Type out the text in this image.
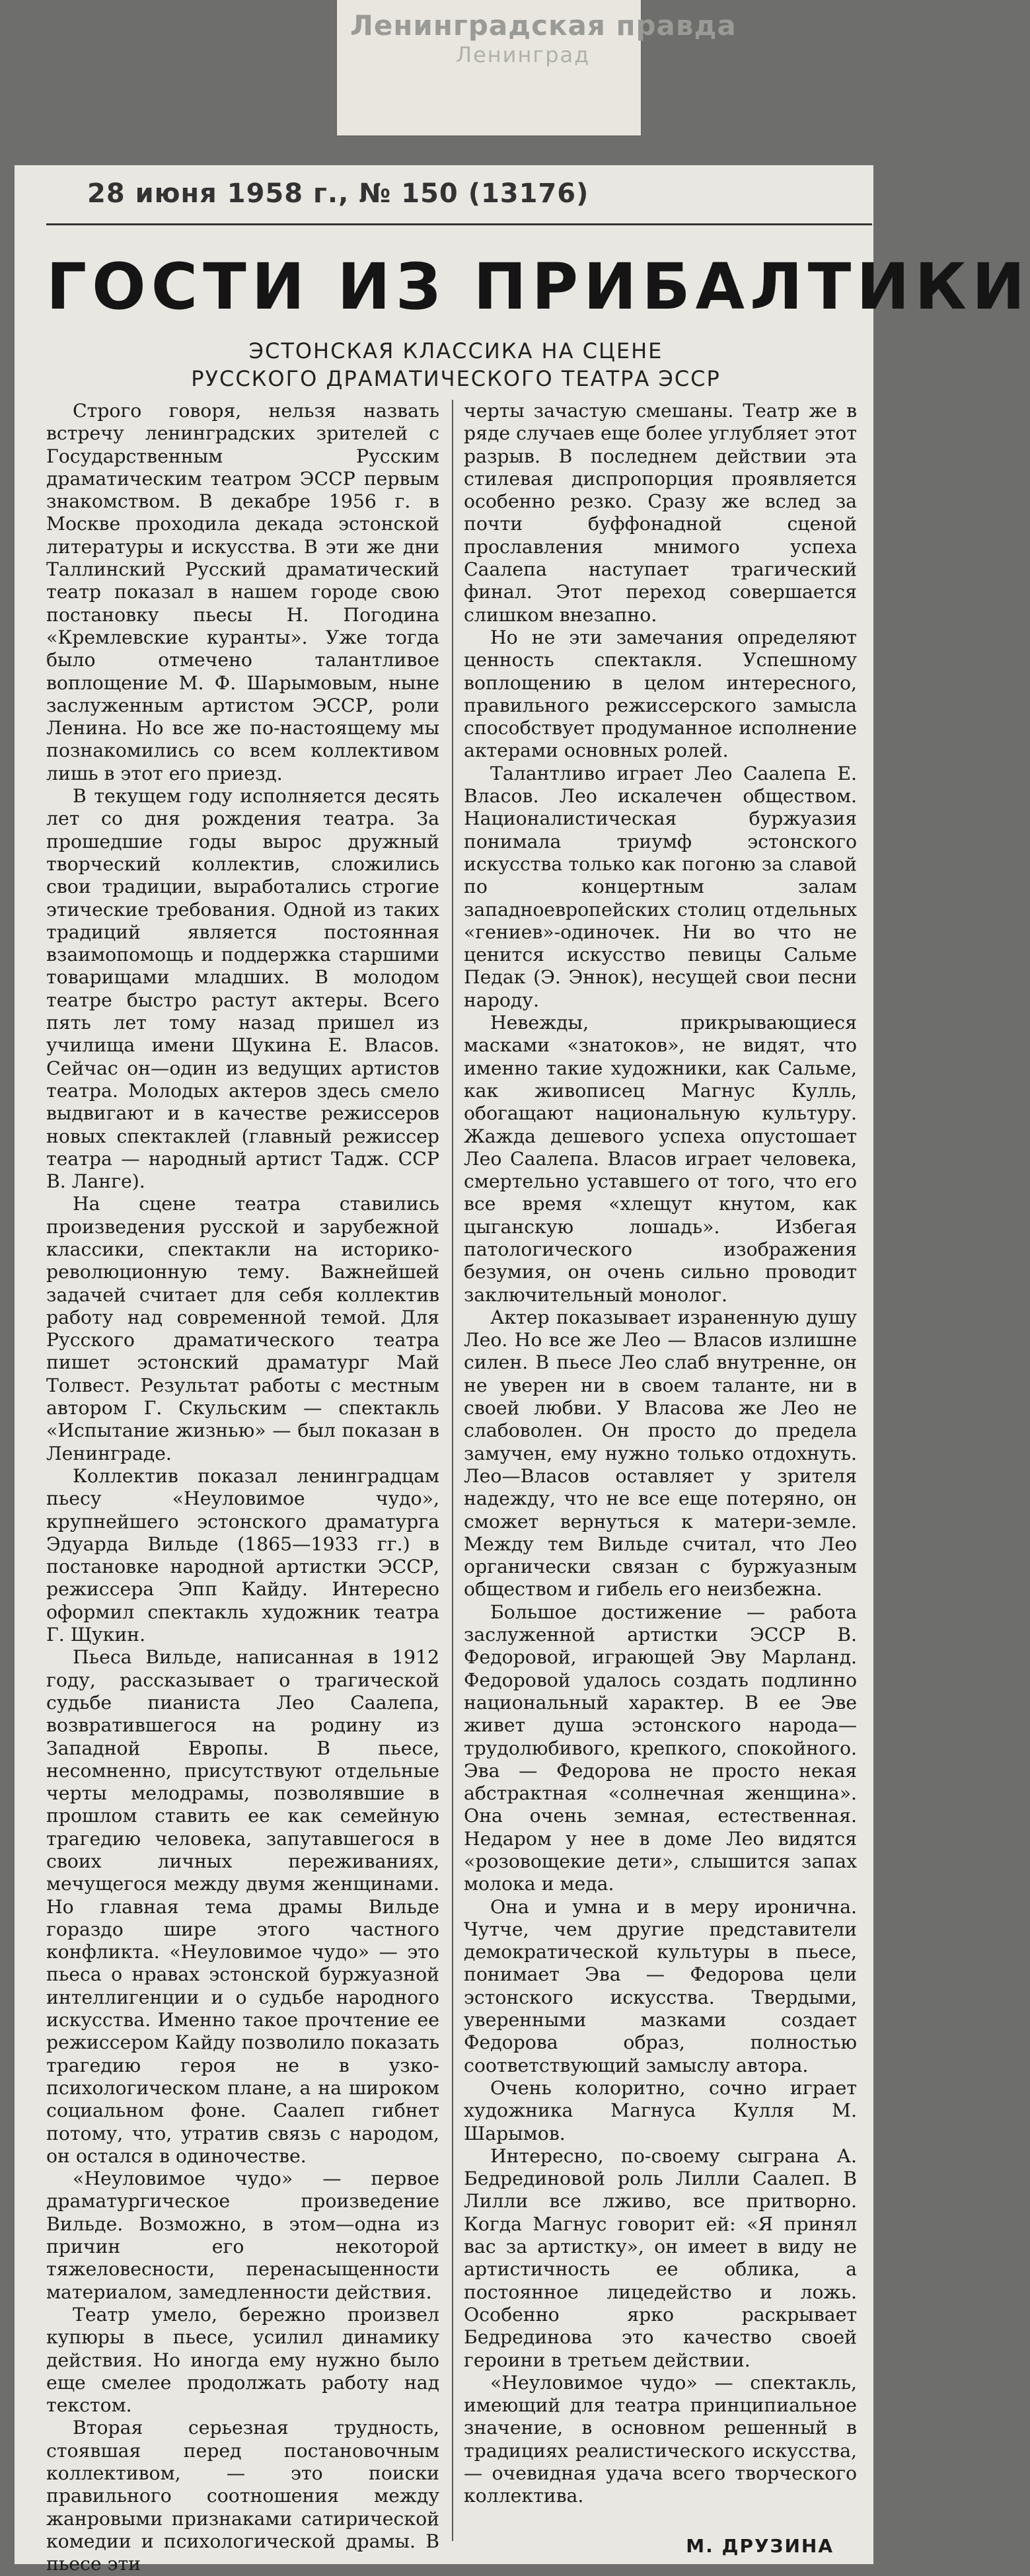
Ленинградская правда
Ленинград
28 июня 1958 г., № 150 (13176)
ГОСТИ ИЗ ПРИБАЛТИКИ
ЭСТОНСКАЯ КЛАССИКА НА СЦЕНЕ
РУССКОГО ДРАМАТИЧЕСКОГО ТЕАТРА ЭССР

Строго говоря, нельзя назвать встречу ленинградских зрителей с Государственным Русским драматическим театром ЭССР первым знакомством. В декабре 1956 г. в Москве проходила декада эстонской литературы и искусства. В эти же дни Таллинский Русский драматический театр показал в нашем городе свою постановку пьесы Н. Погодина «Кремлевские куранты». Уже тогда было отмечено талантливое воплощение М. Ф. Шарымовым, ныне заслуженным артистом ЭССР, роли Ленина. Но все же по-настоящему мы познакомились со всем коллективом лишь в этот его приезд.

В текущем году исполняется десять лет со дня рождения театра. За прошедшие годы вырос дружный творческий коллектив, сложились свои традиции, выработались строгие этические требования. Одной из таких традиций является постоянная взаимопомощь и поддержка старшими товарищами младших. В молодом театре быстро растут актеры. Всего пять лет тому назад пришел из училища имени Щукина Е. Власов. Сейчас он—один из ведущих артистов театра. Молодых актеров здесь смело выдвигают и в качестве режиссеров новых спектаклей (главный режиссер театра — народный артист Тадж. ССР В. Ланге).

На сцене театра ставились произведения русской и зарубежной классики, спектакли на историко-революционную тему. Важнейшей задачей считает для себя коллектив работу над современной темой. Для Русского драматического театра пишет эстонский драматург Май Толвест. Результат работы с местным автором Г. Скульским — спектакль «Испытание жизнью» — был показан в Ленинграде.

Коллектив показал ленинградцам пьесу «Неуловимое чудо», крупнейшего эстонского драматурга Эдуарда Вильде (1865—1933 гг.) в постановке народной артистки ЭССР, режиссера Эпп Кайду. Интересно оформил спектакль художник театра Г. Щукин.

Пьеса Вильде, написанная в 1912 году, рассказывает о трагической судьбе пианиста Лео Саалепа, возвратившегося на родину из Западной Европы. В пьесе, несомненно, присутствуют отдельные черты мелодрамы, позволявшие в прошлом ставить ее как семейную трагедию человека, запутавшегося в своих личных переживаниях, мечущегося между двумя женщинами. Но главная тема драмы Вильде гораздо шире этого частного конфликта. «Неуловимое чудо» — это пьеса о нравах эстонской буржуазной интеллигенции и о судьбе народного искусства. Именно такое прочтение ее режиссером Кайду позволило показать трагедию героя не в узко-психологическом плане, а на широком социальном фоне. Саалеп гибнет потому, что, утратив связь с народом, он остался в одиночестве.

«Неуловимое чудо» — первое драматургическое произведение Вильде. Возможно, в этом—одна из причин его некоторой тяжеловесности, перенасыщенности материалом, замедленности действия.

Театр умело, бережно произвел купюры в пьесе, усилил динамику действия. Но иногда ему нужно было еще смелее продолжать работу над текстом.

Вторая серьезная трудность, стоявшая перед постановочным коллективом, — это поиски правильного соотношения между жанровыми признаками сатирической комедии и психологической драмы. В пьесе эти

черты зачастую смешаны. Театр же в ряде случаев еще более углубляет этот разрыв. В последнем действии эта стилевая диспропорция проявляется особенно резко. Сразу же вслед за почти буффонадной сценой прославления мнимого успеха Саалепа наступает трагический финал. Этот переход совершается слишком внезапно.

Но не эти замечания определяют ценность спектакля. Успешному воплощению в целом интересного, правильного режиссерского замысла способствует продуманное исполнение актерами основных ролей.

Талантливо играет Лео Саалепа Е. Власов. Лео искалечен обществом. Националистическая буржуазия понимала триумф эстонского искусства только как погоню за славой по концертным залам западноевропейских столиц отдельных «гениев»-одиночек. Ни во что не ценится искусство певицы Сальме Педак (Э. Эннок), несущей свои песни народу.

Невежды, прикрывающиеся масками «знатоков», не видят, что именно такие художники, как Сальме, как живописец Магнус Кулль, обогащают национальную культуру. Жажда дешевого успеха опустошает Лео Саалепа. Власов играет человека, смертельно уставшего от того, что его все время «хлещут кнутом, как цыганскую лошадь». Избегая патологического изображения безумия, он очень сильно проводит заключительный монолог.

Актер показывает израненную душу Лео. Но все же Лео — Власов излишне силен. В пьесе Лео слаб внутренне, он не уверен ни в своем таланте, ни в своей любви. У Власова же Лео не слабоволен. Он просто до предела замучен, ему нужно только отдохнуть. Лео—Власов оставляет у зрителя надежду, что не все еще потеряно, он сможет вернуться к матери-земле. Между тем Вильде считал, что Лео органически связан с буржуазным обществом и гибель его неизбежна.

Большое достижение — работа заслуженной артистки ЭССР В. Федоровой, играющей Эву Марланд. Федоровой удалось создать подлинно национальный характер. В ее Эве живет душа эстонского народа—трудолюбивого, крепкого, спокойного. Эва — Федорова не просто некая абстрактная «солнечная женщина». Она очень земная, естественная. Недаром у нее в доме Лео видятся «розовощекие дети», слышится запах молока и меда.

Она и умна и в меру иронична. Чутче, чем другие представители демократической культуры в пьесе, понимает Эва — Федорова цели эстонского искусства. Твердыми, уверенными мазками создает Федорова образ, полностью соответствующий замыслу автора.

Очень колоритно, сочно играет художника Магнуса Кулля М. Шарымов.

Интересно, по-своему сыграна А. Бедрединовой роль Лилли Саалеп. В Лилли все лживо, все притворно. Когда Магнус говорит ей: «Я принял вас за артистку», он имеет в виду не артистичность ее облика, а постоянное лицедейство и ложь. Особенно ярко раскрывает Бедрединова это качество своей героини в третьем действии.

«Неуловимое чудо» — спектакль, имеющий для театра принципиальное значение, в основном решенный в традициях реалистического искусства, — очевидная удача всего творческого коллектива.

М. ДРУЗИНА
